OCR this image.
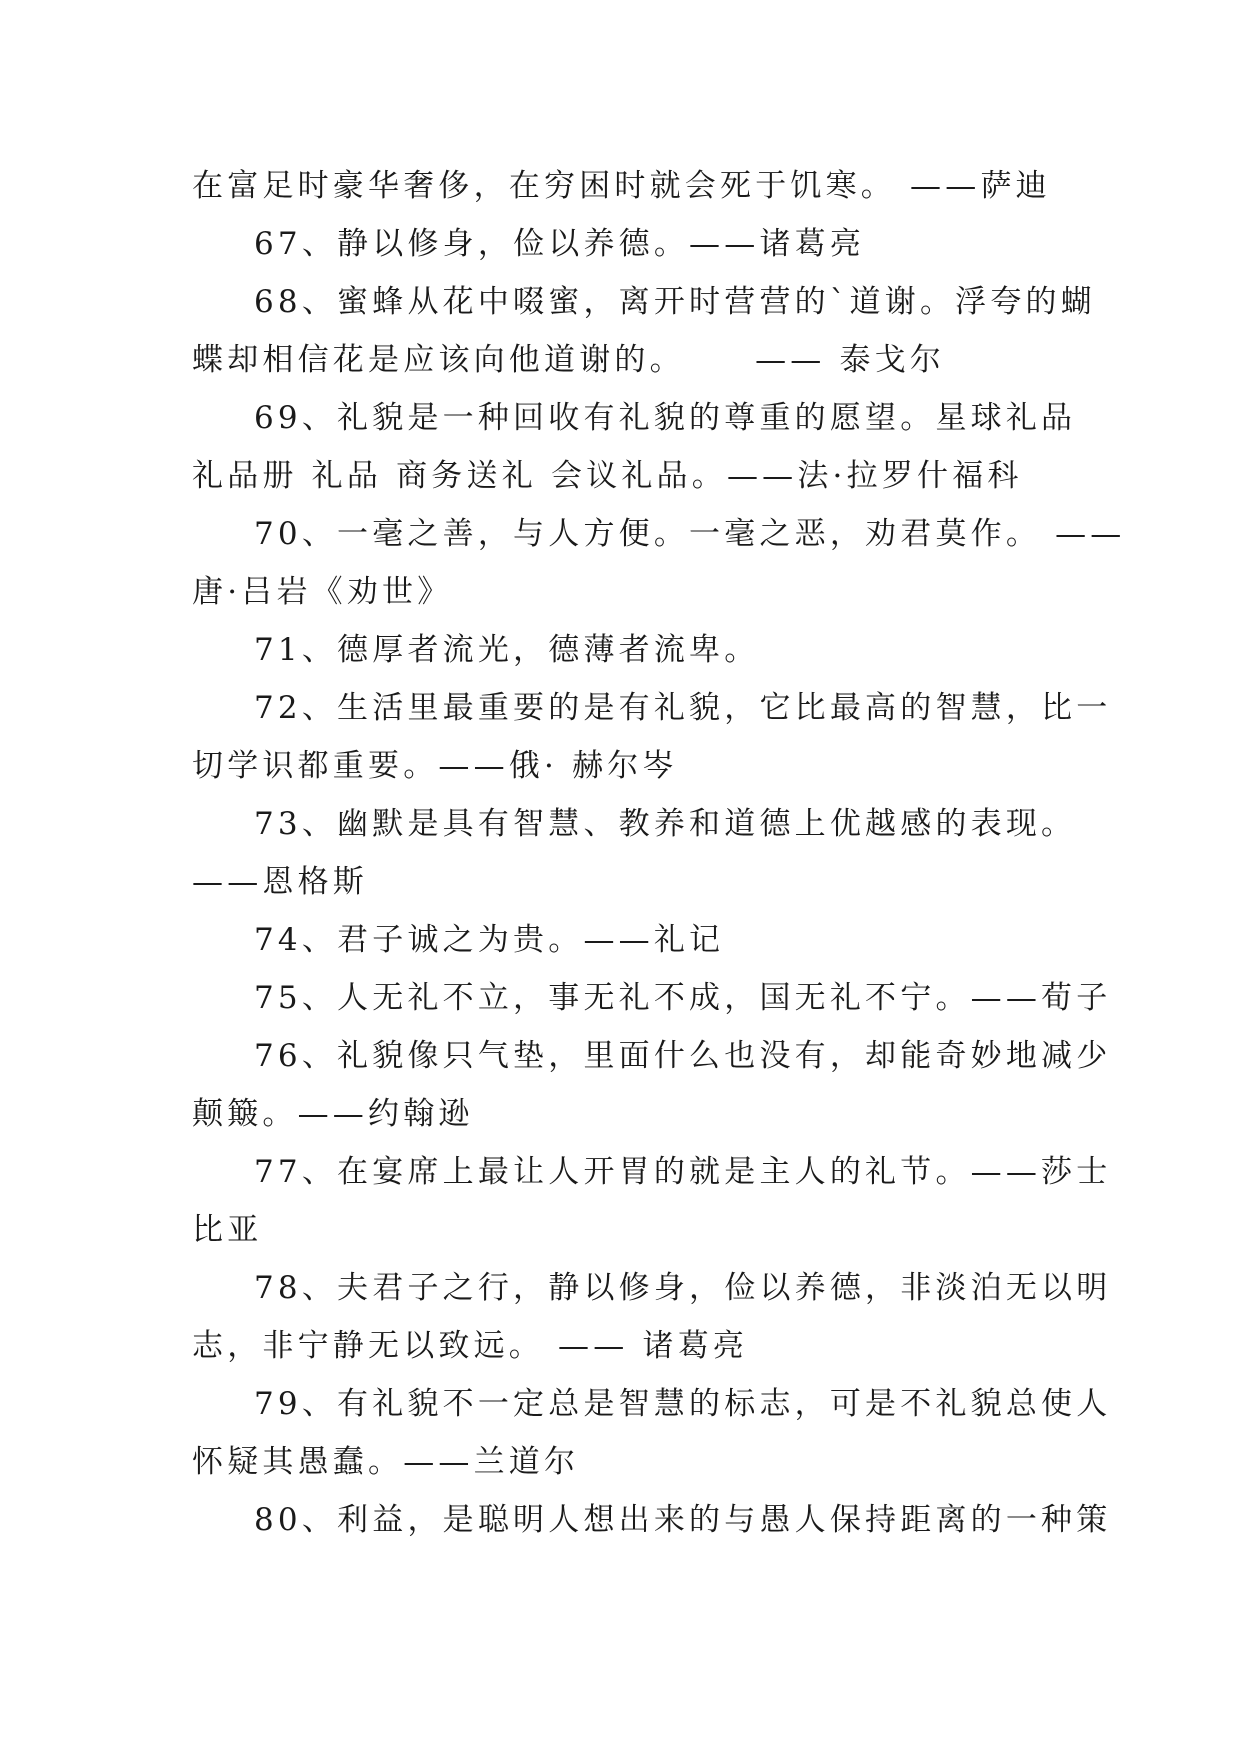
在富足时豪华奢侈，在穷困时就会死于饥寒。 ——萨迪
67、静以修身，俭以养德。——诸葛亮
68、蜜蜂从花中啜蜜，离开时营营的`道谢。浮夸的蝴
蝶却相信花是应该向他道谢的。     —— 泰戈尔
69、礼貌是一种回收有礼貌的尊重的愿望。星球礼品
礼品册 礼品 商务送礼 会议礼品。——法·拉罗什福科
70、一毫之善，与人方便。一毫之恶，劝君莫作。 ——
唐·吕岩《劝世》
71、德厚者流光，德薄者流卑。
72、生活里最重要的是有礼貌，它比最高的智慧，比一
切学识都重要。——俄· 赫尔岑
73、幽默是具有智慧、教养和道德上优越感的表现。
——恩格斯
74、君子诚之为贵。——礼记
75、人无礼不立，事无礼不成，国无礼不宁。——荀子
76、礼貌像只气垫，里面什么也没有，却能奇妙地减少
颠簸。——约翰逊
77、在宴席上最让人开胃的就是主人的礼节。——莎士
比亚
78、夫君子之行，静以修身，俭以养德，非淡泊无以明
志，非宁静无以致远。 —— 诸葛亮
79、有礼貌不一定总是智慧的标志，可是不礼貌总使人
怀疑其愚蠢。——兰道尔
80、利益，是聪明人想出来的与愚人保持距离的一种策
